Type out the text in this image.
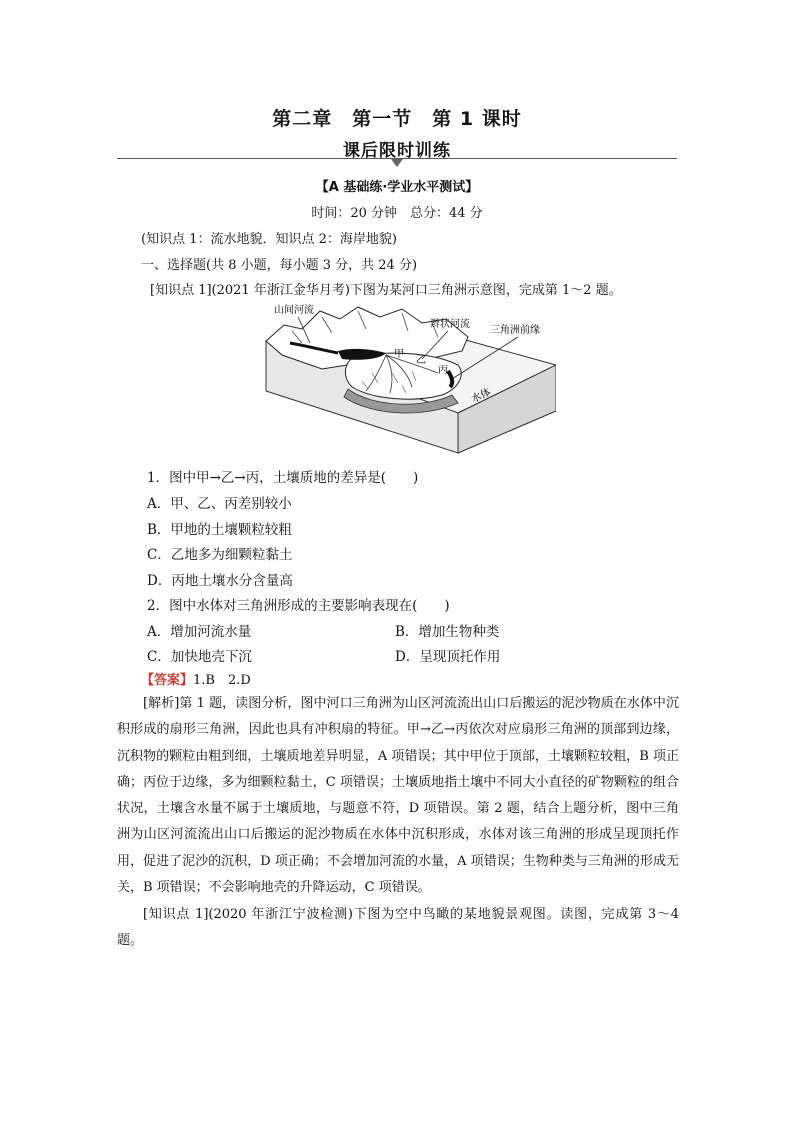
第二章　第一节　第 1 课时
课后限时训练
【A 基础练·学业水平测试】
时间：20 分钟　总分：44 分
(知识点 1：流水地貌．知识点 2：海岸地貌)
一、选择题(共 8 小题，每小题 3 分，共 24 分)
[知识点 1](2021 年浙江金华月考)下图为某河口三角洲示意图，完成第 1～2 题。
山间河流
辫状河流
三角洲前缘
甲
乙
丙
水体
1．图中甲→乙→丙，土壤质地的差异是(　　)
A．甲、乙、丙差别较小
B．甲地的土壤颗粒较粗
C．乙地多为细颗粒黏土
D．丙地土壤水分含量高
2．图中水体对三角洲形成的主要影响表现在(　　)
A．增加河流水量	B．增加生物种类
C．加快地壳下沉	D．呈现顶托作用
【答案】1.B　2.D

[解析]第 1 题，读图分析，图中河口三角洲为山区河流流出山口后搬运的泥沙物质在水体中沉积形成的扇形三角洲，因此也具有冲积扇的特征。甲→乙→丙依次对应扇形三角洲的顶部到边缘，沉积物的颗粒由粗到细，土壤质地差异明显，A 项错误；其中甲位于顶部，土壤颗粒较粗，B 项正确；丙位于边缘，多为细颗粒黏土，C 项错误；土壤质地指土壤中不同大小直径的矿物颗粒的组合状况，土壤含水量不属于土壤质地，与题意不符，D 项错误。第 2 题，结合上题分析，图中三角洲为山区河流流出山口后搬运的泥沙物质在水体中沉积形成，水体对该三角洲的形成呈现顶托作用，促进了泥沙的沉积，D 项正确；不会增加河流的水量，A 项错误；生物种类与三角洲的形成无关，B 项错误；不会影响地壳的升降运动，C 项错误。

[知识点 1](2020 年浙江宁波检测)下图为空中鸟瞰的某地貌景观图。读图，完成第 3～4 题。
